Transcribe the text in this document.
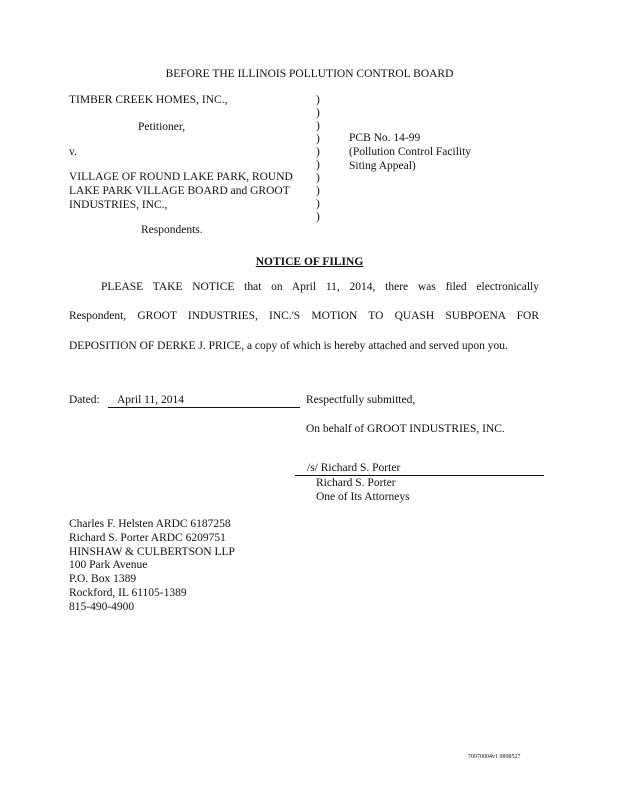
BEFORE THE ILLINOIS POLLUTION CONTROL BOARD
TIMBER CREEK HOMES, INC.,
Petitioner,
v.
VILLAGE OF ROUND LAKE PARK, ROUND
LAKE PARK VILLAGE BOARD and GROOT
INDUSTRIES, INC.,
Respondents.
)
)
)
)
)
)
)
)
)
)
PCB No. 14-99
(Pollution Control Facility
Siting Appeal)
NOTICE OF FILING
PLEASE TAKE NOTICE that on April 11, 2014, there was filed electronically
Respondent, GROOT INDUSTRIES, INC.'S MOTION TO QUASH SUBPOENA FOR
DEPOSITION OF DERKE J. PRICE, a copy of which is hereby attached and served upon you.
Dated: April 11, 2014	Respectfully submitted,
On behalf of GROOT INDUSTRIES, INC.
/s/ Richard S. Porter
Richard S. Porter
One of Its Attorneys
Charles F. Helsten ARDC 6187258
Richard S. Porter ARDC 6209751
HINSHAW & CULBERTSON LLP
100 Park Avenue
P.O. Box 1389
Rockford, IL 61105-1389
815-490-4900
70970004v1 0898527
